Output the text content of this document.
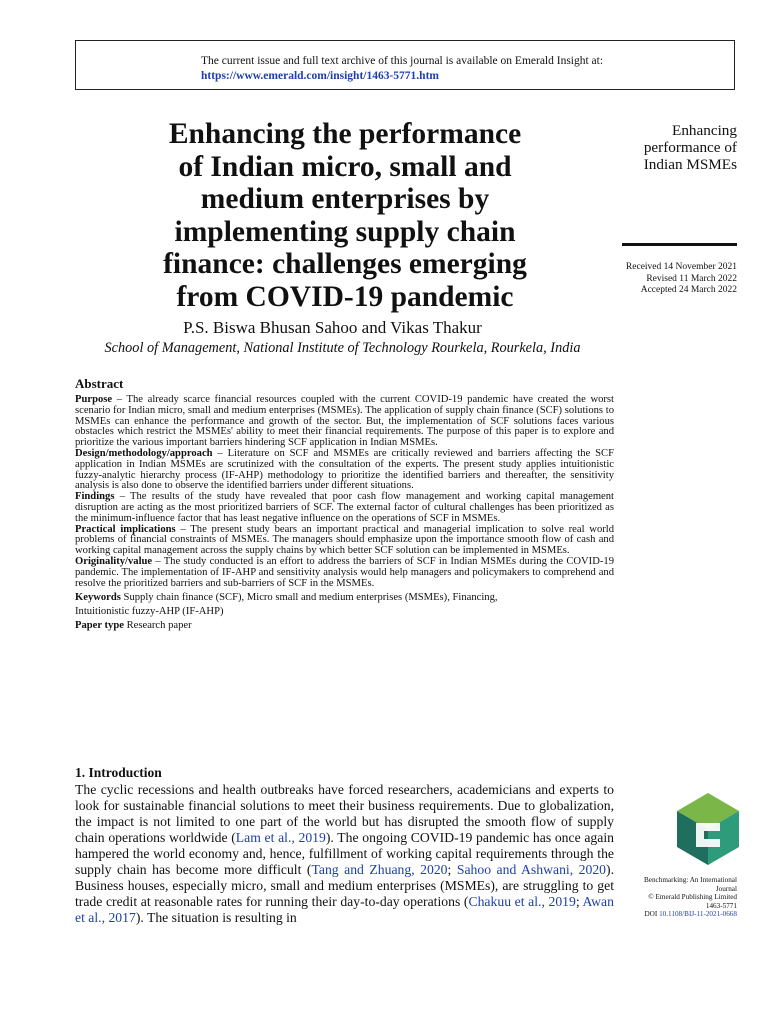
The current issue and full text archive of this journal is available on Emerald Insight at:
https://www.emerald.com/insight/1463-5771.htm
Enhancing the performance
of Indian micro, small and
medium enterprises by
implementing supply chain
finance: challenges emerging
from COVID-19 pandemic
P.S. Biswa Bhusan Sahoo and Vikas Thakur
School of Management, National Institute of Technology Rourkela, Rourkela, India
Enhancing
performance of
Indian MSMEs
Received 14 November 2021
Revised 11 March 2022
Accepted 24 March 2022
Abstract

Purpose – The already scarce financial resources coupled with the current COVID-19 pandemic have created the worst scenario for Indian micro, small and medium enterprises (MSMEs). The application of supply chain finance (SCF) solutions to MSMEs can enhance the performance and growth of the sector. But, the implementation of SCF solutions faces various obstacles which restrict the MSMEs' ability to meet their financial requirements. The purpose of this paper is to explore and prioritize the various important barriers hindering SCF application in Indian MSMEs.

Design/methodology/approach – Literature on SCF and MSMEs are critically reviewed and barriers affecting the SCF application in Indian MSMEs are scrutinized with the consultation of the experts. The present study applies intuitionistic fuzzy-analytic hierarchy process (IF-AHP) methodology to prioritize the identified barriers and thereafter, the sensitivity analysis is also done to observe the identified barriers under different situations.

Findings – The results of the study have revealed that poor cash flow management and working capital management disruption are acting as the most prioritized barriers of SCF. The external factor of cultural challenges has been prioritized as the minimum-influence factor that has least negative influence on the operations of SCF in MSMEs.

Practical implications – The present study bears an important practical and managerial implication to solve real world problems of financial constraints of MSMEs. The managers should emphasize upon the importance smooth flow of cash and working capital management across the supply chains by which better SCF solution can be implemented in MSMEs.

Originality/value – The study conducted is an effort to address the barriers of SCF in Indian MSMEs during the COVID-19 pandemic. The implementation of IF-AHP and sensitivity analysis would help managers and policymakers to comprehend and resolve the prioritized barriers and sub-barriers of SCF in the MSMEs.

Keywords Supply chain finance (SCF), Micro small and medium enterprises (MSMEs), Financing,

Intuitionistic fuzzy-AHP (IF-AHP)

Paper type Research paper

1. Introduction

The cyclic recessions and health outbreaks have forced researchers, academicians and experts to look for sustainable financial solutions to meet their business requirements. Due to globalization, the impact is not limited to one part of the world but has disrupted the smooth flow of supply chain operations worldwide (Lam et al., 2019). The ongoing COVID-19 pandemic has once again hampered the world economy and, hence, fulfillment of working capital requirements through the supply chain has become more difficult (Tang and Zhuang, 2020; Sahoo and Ashwani, 2020). Business houses, especially micro, small and medium enterprises (MSMEs), are struggling to get trade credit at reasonable rates for running their day-to-day operations (Chakuu et al., 2019; Awan et al., 2017). The situation is resulting in

Benchmarking: An International
Journal
© Emerald Publishing Limited
1463-5771
DOI 10.1108/BIJ-11-2021-0668
